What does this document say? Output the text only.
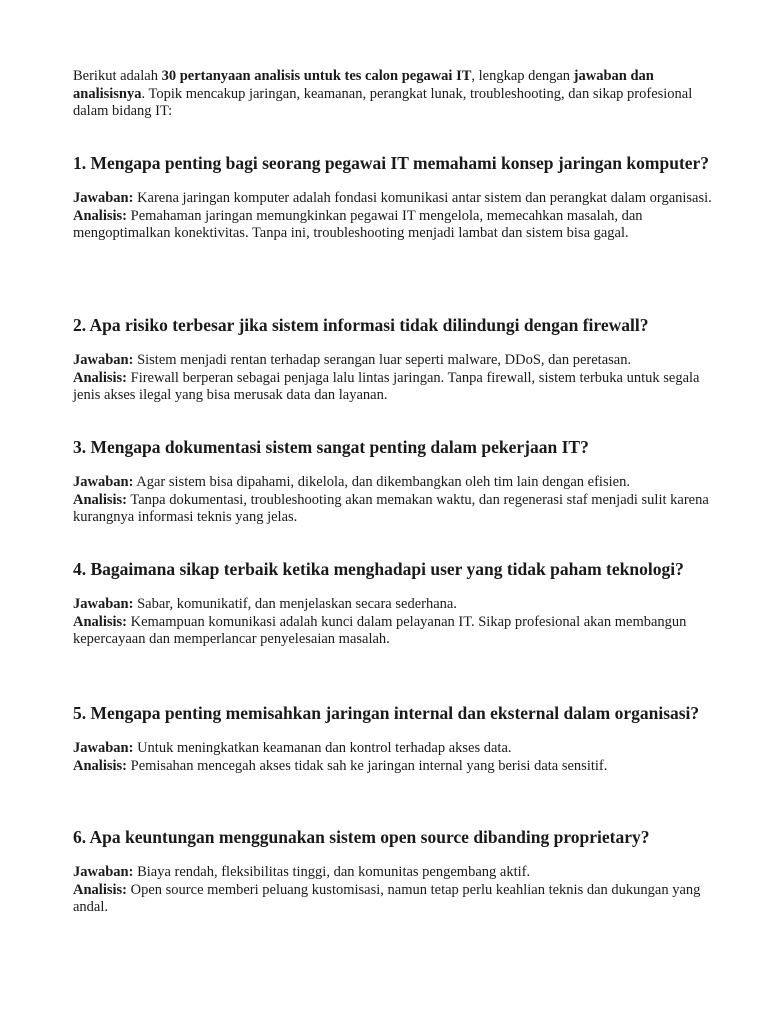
Berikut adalah 30 pertanyaan analisis untuk tes calon pegawai IT, lengkap dengan jawaban dan analisisnya. Topik mencakup jaringan, keamanan, perangkat lunak, troubleshooting, dan sikap profesional dalam bidang IT:

1. Mengapa penting bagi seorang pegawai IT memahami konsep jaringan komputer?

Jawaban: Karena jaringan komputer adalah fondasi komunikasi antar sistem dan perangkat dalam organisasi.

Analisis: Pemahaman jaringan memungkinkan pegawai IT mengelola, memecahkan masalah, dan mengoptimalkan konektivitas. Tanpa ini, troubleshooting menjadi lambat dan sistem bisa gagal.

2. Apa risiko terbesar jika sistem informasi tidak dilindungi dengan firewall?

Jawaban: Sistem menjadi rentan terhadap serangan luar seperti malware, DDoS, dan peretasan.

Analisis: Firewall berperan sebagai penjaga lalu lintas jaringan. Tanpa firewall, sistem terbuka untuk segala jenis akses ilegal yang bisa merusak data dan layanan.

3. Mengapa dokumentasi sistem sangat penting dalam pekerjaan IT?

Jawaban: Agar sistem bisa dipahami, dikelola, dan dikembangkan oleh tim lain dengan efisien.

Analisis: Tanpa dokumentasi, troubleshooting akan memakan waktu, dan regenerasi staf menjadi sulit karena kurangnya informasi teknis yang jelas.

4. Bagaimana sikap terbaik ketika menghadapi user yang tidak paham teknologi?

Jawaban: Sabar, komunikatif, dan menjelaskan secara sederhana.

Analisis: Kemampuan komunikasi adalah kunci dalam pelayanan IT. Sikap profesional akan membangun kepercayaan dan memperlancar penyelesaian masalah.

5. Mengapa penting memisahkan jaringan internal dan eksternal dalam organisasi?

Jawaban: Untuk meningkatkan keamanan dan kontrol terhadap akses data.

Analisis: Pemisahan mencegah akses tidak sah ke jaringan internal yang berisi data sensitif.

6. Apa keuntungan menggunakan sistem open source dibanding proprietary?

Jawaban: Biaya rendah, fleksibilitas tinggi, dan komunitas pengembang aktif.

Analisis: Open source memberi peluang kustomisasi, namun tetap perlu keahlian teknis dan dukungan yang andal.
